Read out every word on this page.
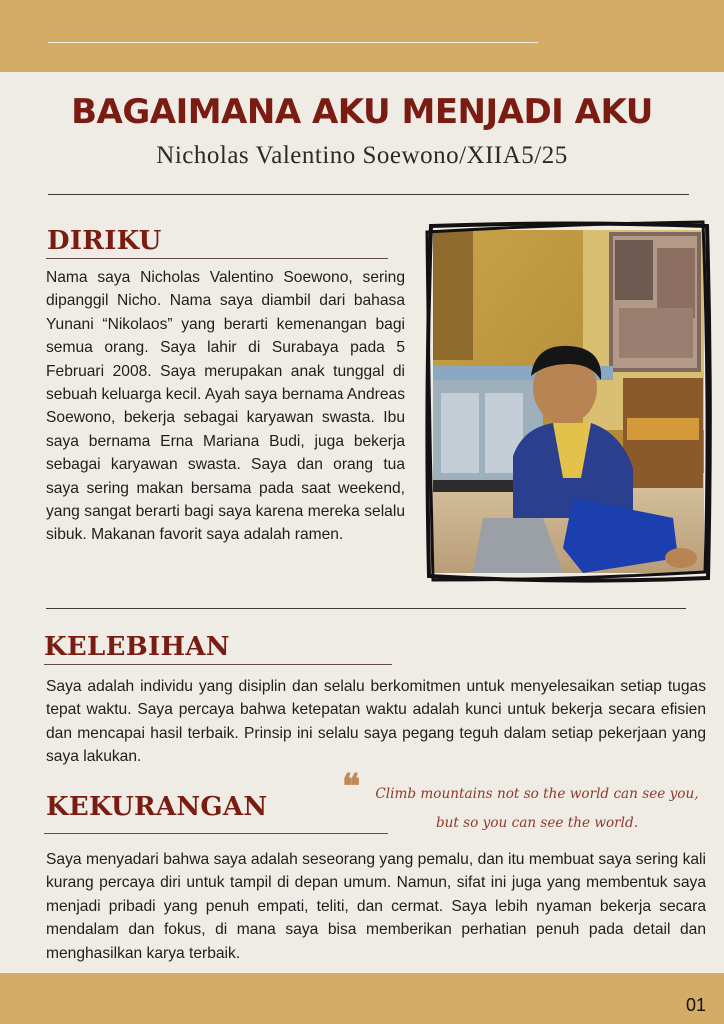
BAGAIMANA AKU MENJADI AKU
Nicholas Valentino Soewono/XIIA5/25
DIRIKU
Nama saya Nicholas Valentino Soewono, sering dipanggil Nicho. Nama saya diambil dari bahasa Yunani “Nikolaos” yang berarti kemenangan bagi semua orang. Saya lahir di Surabaya pada 5 Februari 2008. Saya merupakan anak tunggal di sebuah keluarga kecil. Ayah saya bernama Andreas Soewono, bekerja sebagai karyawan swasta. Ibu saya bernama Erna Mariana Budi, juga bekerja sebagai karyawan swasta. Saya dan orang tua saya sering makan bersama pada saat weekend, yang sangat berarti bagi saya karena mereka selalu sibuk. Makanan favorit saya adalah ramen.
KELEBIHAN
Saya adalah individu yang disiplin dan selalu berkomitmen untuk menyelesaikan setiap tugas tepat waktu. Saya percaya bahwa ketepatan waktu adalah kunci untuk bekerja secara efisien dan mencapai hasil terbaik. Prinsip ini selalu saya pegang teguh dalam setiap pekerjaan yang saya lakukan.
❝	Climb mountains not so the world can see you, but so you can see the world.
KEKURANGAN
Saya menyadari bahwa saya adalah seseorang yang pemalu, dan itu membuat saya sering kali kurang percaya diri untuk tampil di depan umum. Namun, sifat ini juga yang membentuk saya menjadi pribadi yang penuh empati, teliti, dan cermat. Saya lebih nyaman bekerja secara mendalam dan fokus, di mana saya bisa memberikan perhatian penuh pada detail dan menghasilkan karya terbaik.
01
